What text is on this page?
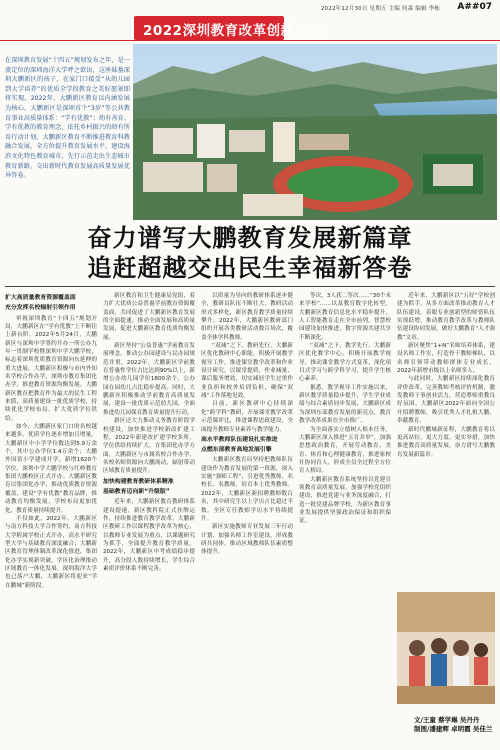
2022年12月30日 星期五 主编 何森 编辑 李栋 A##07
2022深圳教育改革创新 白皮书
在深圳教育发展“十四五”规划发布之年，是一流定位的深圳海洋大学呼之欲出，这座妹墓深圳大鹏新区的孩子，在家门口接受“从幼儿园到大学培养”的优质全学段教育之美好愿景即将实现。2022年，大鹏新区教育以内涵发展为核心，大鹏新区是深圳首个“3岁”等公共教育事业高质量体系：“学有优教”；幼有善育、学有优教的教育理念，依托乡村振兴的幼有所育行动计划，大鹏新区教育不断推进教育科教融合发展，全方位提升教育发展水平，建设海滨文化特色教育城市，先行示范走出生态城市教育新路，交出新时代教育发展高质量发展优异答卷。
奋力谱写大鹏教育发展新篇章
追赶超越交出民生幸福新答卷
扩大高质量教育资源覆盖面
充分发挥名校辐射引领作用
审视深圳教育“十四五”规划开局，大鹏新区在“学有优教”上不断往上新台阶。2022年5月24日，大鹏新区与深圳中学签约开办一所公办九年一贯制学校暨深圳中学大鹏学校，标志着深圳优质教育资源向东延伸的重大进展。大鹏新区积极与市内外知名学校合作办学，深圳市教育集团化办学，推进教育资源均衡发展。大鹏新区教育把教育作为最大的民生工程来抓，高质量建设一批优质学校，持续优化学校布局，扩大优质学位供给。
如今，大鹏新区家门口的名校越来越多，优质学位逐步增加且增量。大鹏新区中小学学位数达到5.9万余个，其中公办学位1.4万余个；大鹏外国语小学建成开学，新增1620个学位，深圳中学大鹏学校与红岭教育集团大鹏校区正式开办。大鹏新区教育以集团化办学，推动优质教育资源覆盖，建设“学有优教”教育品牌，推动教育均衡发展，学校布局更加优化，教育质量持续提升。
不仅如此，2022年，大鹏新区与南方科技大学合作签约，南方科技大学附属学校正式开办，高水平研究型大学与基础教育深度融合；大鹏新区教育管理体制改革深化推进，集团化办学实现新突破，学区化治理推动区域教育一体化发展。深圳海洋大学也已落户大鹏，大鹏新区将迎来“学在鹏城”新阶段。
新区教育和卫生健康局党组，着力扩大优质公益普惠学前教育资源覆盖面，共同促进了大鹏新区教育发展的全面提速，推动全面发展和高质量发展，促进大鹏新区教育优质均衡发展。
新区坚持“公益普惠”学前教育发展理念，推动公办园建设与民办园规范并重。2022年，大鹏新区学前教育普惠性学位占比达到90%以上，新增公办幼儿园学位1800余个，公办园在园幼儿占比稳步提高。同时，大鹏新区积极推动学前教育高质量发展，建设一批优质示范幼儿园，全面推进幼儿园保育教育质量提升行动。
新区还大力推动义务教育阶段学校建设，加快推进学校新改扩建工程，2022年新建改扩建学校多所，学位供给持续扩大。在集团化办学方面，大鹏新区与市属名校合作办学，名校名师资源向大鹏流动，辐射带动区域教育质量提升。
加快构建教育教研体系精准
基础教育迈向新“升级版”
近年来，大鹏新区教育教研体系建设提速，新区教科院正式挂牌运作，持续推进教育教学改革。大鹏新区教研工作以课程教学改革为核心，以教师专业发展为重点，以课题研究为抓手，全面提升教育教学质量。2022年，大鹏新区中考成绩稳步提升，高分段人数持续增长，学生综合素质评价体系不断完善。
以质量为导向的教研体系逐步健全，教研员队伍不断壮大，教研活动形式多样化，新区教育教学质量持续攀升。2022年，大鹏新区教研部门组织开展各类教研活动数百场次，覆盖全体学科教师。
“双减”之下，教研先行。大鹏新区优化教研中心职能，积极开展教学视导工作，推进课堂教学改革和作业设计研究，以课堂提质、作业减量、课后服务增效，切实减轻学生过重作业负担和校外培训负担，确保“双减”工作落地见效。
目前，新区教研中心持续深化“跨学科”教研，开展课堂教学改革示范课评比，推进课程思政建设，全面提升教师专业素养与教学能力。
高水平教师队伍建设扎实推进
点燃东部教育高地发展引擎
大鹏新区教育局坚持把教师队伍建设作为教育发展的第一资源，深入实施“强师工程”，引进优秀教师、名校长、名教师，培育本土优秀教师。2022年，大鹏新区新招聘教师数百名，其中研究生以上学历占比超过半数，全区专任教师学历水平持续提升。
新区实施教师专业发展三年行动计划，加强名师工作室建设，形成教研共同体，推动区域教师队伍素质整体提升。
等次，3人获二等次……“30个未来学校”……以及教育数字化转型，大鹏新区教育信息化水平稳步提升，人工智能教育走在全市前列，智慧校园建设加快推进，数字资源共建共享不断深化。
“双减”之下，教学先行。大鹏新区优化教学中心，积极开展教学视导，推动课堂教学方式变革，深化项目式学习与跨学科学习，提升学生核心素养。
据悉，教学视导工作实施以来，新区教学质量稳步提升，学生学业成绩与综合素质同步发展，大鹏新区成为深圳东部教育发展的新亮点，教育教学改革成果在全市推广。
为全面落实立德树人根本任务，大鹏新区深入推进“五育并举”，加强思想政治教育，开展劳动教育、美育、体育和心理健康教育，推进家校社协同育人，形成全员全过程全方位育人格局。
大鹏新区教育系统坚持以党建引领教育高质量发展，加强学校党组织建设，推进党建与业务深度融合，打造一批党建品牌学校，为新区教育事业发展提供坚强政治保证和组织保证。
近年来，大鹏新区以“五好”学校创建为抓手，从多方面改革推动教育人才队伍建设，着眼专业创新型的师资队伍实现跃增，推动教育教学改革与教师队伍建设协同发展，做好大鹏教育“人才强教”文章。
新区聚焦“1+N”名师培养体系，建设名师工作室，打造骨干教师梯队，以名师引领带动教师群体专业成长，2022年新增市级以上名师多人。
与此同时，大鹏新区持续深化教育评价改革，完善教师考核评价机制，激发教师干事创业活力，营造尊师重教良好氛围。大鹏新区2022年面向全国公开招聘教师，吸引优秀人才扎根大鹏、奉献教育。
新时代鹏城新征程，大鹏教育将以更高站位、更大力度、更实举措，加快推进教育高质量发展，奋力谱写大鹏教育发展新篇章。
文/王童 蔡学琳 吴丹丹
制图/潘建辉 卓明霞 吴佳兰
